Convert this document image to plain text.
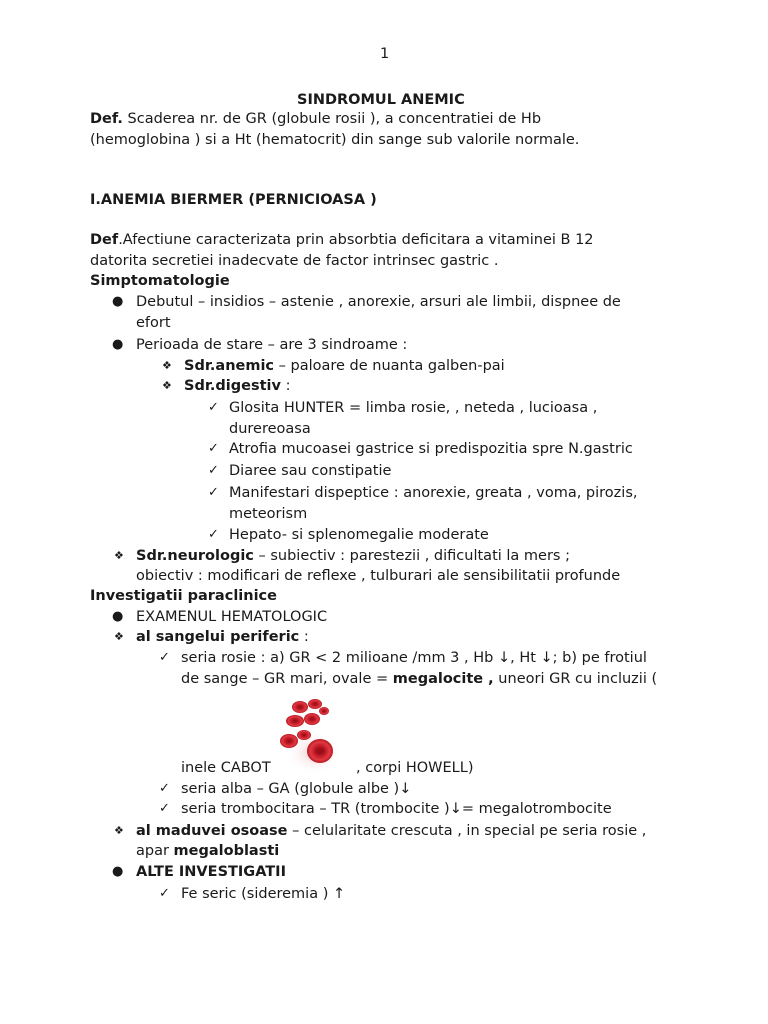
1
SINDROMUL ANEMIC
Def. Scaderea nr. de GR (globule rosii ), a concentratiei de Hb
(hemoglobina ) si a Ht (hematocrit) din sange sub valorile normale.
I.ANEMIA BIERMER (PERNICIOASA )
Def.Afectiune caracterizata prin absorbtia deficitara a vitaminei B 12
datorita secretiei inadecvate de factor intrinsec gastric .
Simptomatologie
● Debutul – insidios – astenie , anorexie, arsuri ale limbii, dispnee de
efort
● Perioada de stare – are 3 sindroame :
❖ Sdr.anemic – paloare de nuanta galben-pai
❖ Sdr.digestiv :
✓ Glosita HUNTER = limba rosie, , neteda , lucioasa ,
durereoasa
✓ Atrofia mucoasei gastrice si predispozitia spre N.gastric
✓ Diaree sau constipatie
✓ Manifestari dispeptice : anorexie, greata , voma, pirozis,
meteorism
✓ Hepato- si splenomegalie moderate
❖ Sdr.neurologic – subiectiv : parestezii , dificultati la mers ;
obiectiv : modificari de reflexe , tulburari ale sensibilitatii profunde
Investigatii paraclinice
● EXAMENUL HEMATOLOGIC
❖ al sangelui periferic :
✓ seria rosie : a) GR < 2 milioane /mm 3 , Hb ↓, Ht ↓; b) pe frotiul
de sange – GR mari, ovale = megalocite , uneori GR cu incluzii (
inele CABOT	, corpi HOWELL)
✓ seria alba – GA (globule albe )↓
✓ seria trombocitara – TR (trombocite )↓= megalotrombocite
❖ al maduvei osoase – celularitate crescuta , in special pe seria rosie ,
apar megaloblasti
● ALTE INVESTIGATII
✓ Fe seric (sideremia ) ↑
